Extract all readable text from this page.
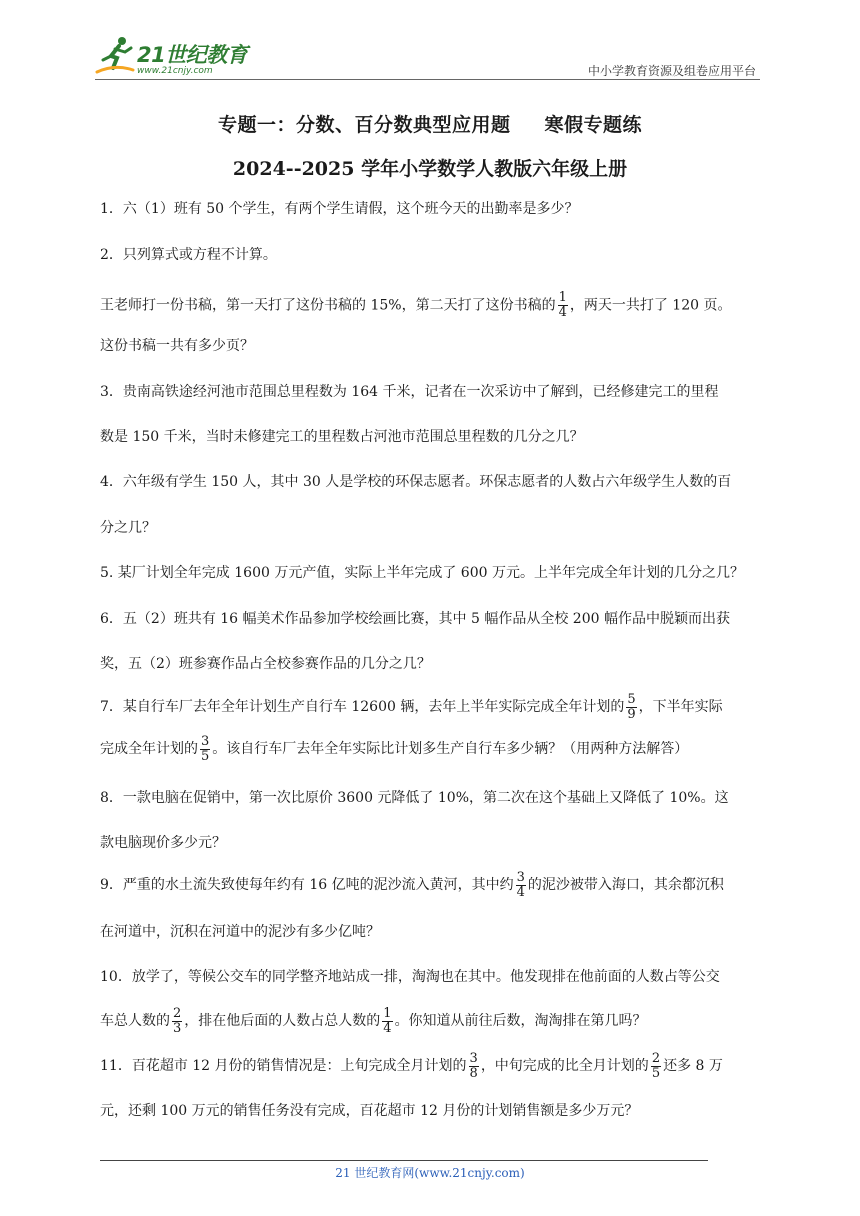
21世纪教育
www.21cnjy.com	中小学教育资源及组卷应用平台
专题一：分数、百分数典型应用题 寒假专题练
2024--2025 学年小学数学人教版六年级上册
1．六（1）班有 50 个学生，有两个学生请假，这个班今天的出勤率是多少？
2．只列算式或方程不计算。
王老师打一份书稿，第一天打了这份书稿的 15%，第二天打了这份书稿的 $\frac{1}{4}$ ，两天一共打了 120 页。
这份书稿一共有多少页？
3．贵南高铁途经河池市范围总里程数为 164 千米，记者在一次采访中了解到，已经修建完工的里程
数是 150 千米，当时未修建完工的里程数占河池市范围总里程数的几分之几？
4．六年级有学生 150 人，其中 30 人是学校的环保志愿者。环保志愿者的人数占六年级学生人数的百
分之几？
5. 某厂计划全年完成 1600 万元产值，实际上半年完成了 600 万元。上半年完成全年计划的几分之几？
6．五（2）班共有 16 幅美术作品参加学校绘画比赛，其中 5 幅作品从全校 200 幅作品中脱颖而出获
奖，五（2）班参赛作品占全校参赛作品的几分之几？
7．某自行车厂去年全年计划生产自行车 12600 辆，去年上半年实际完成全年计划的 $\frac{5}{9}$ ，下半年实际
完成全年计划的 $\frac{3}{5}$ 。该自行车厂去年全年实际比计划多生产自行车多少辆？（用两种方法解答）
8．一款电脑在促销中，第一次比原价 3600 元降低了 10%，第二次在这个基础上又降低了 10%。这
款电脑现价多少元？
9．严重的水土流失致使每年约有 16 亿吨的泥沙流入黄河，其中约 $\frac{3}{4}$ 的泥沙被带入海口，其余都沉积
在河道中，沉积在河道中的泥沙有多少亿吨？
10．放学了，等候公交车的同学整齐地站成一排，淘淘也在其中。他发现排在他前面的人数占等公交
车总人数的 $\frac{2}{3}$ ，排在他后面的人数占总人数的 $\frac{1}{4}$ 。你知道从前往后数，淘淘排在第几吗？
11．百花超市 12 月份的销售情况是：上旬完成全月计划的 $\frac{3}{8}$ ，中旬完成的比全月计划的 $\frac{2}{5}$ 还多 8 万
元，还剩 100 万元的销售任务没有完成，百花超市 12 月份的计划销售额是多少万元？
21 世纪教育网(www.21cnjy.com)
